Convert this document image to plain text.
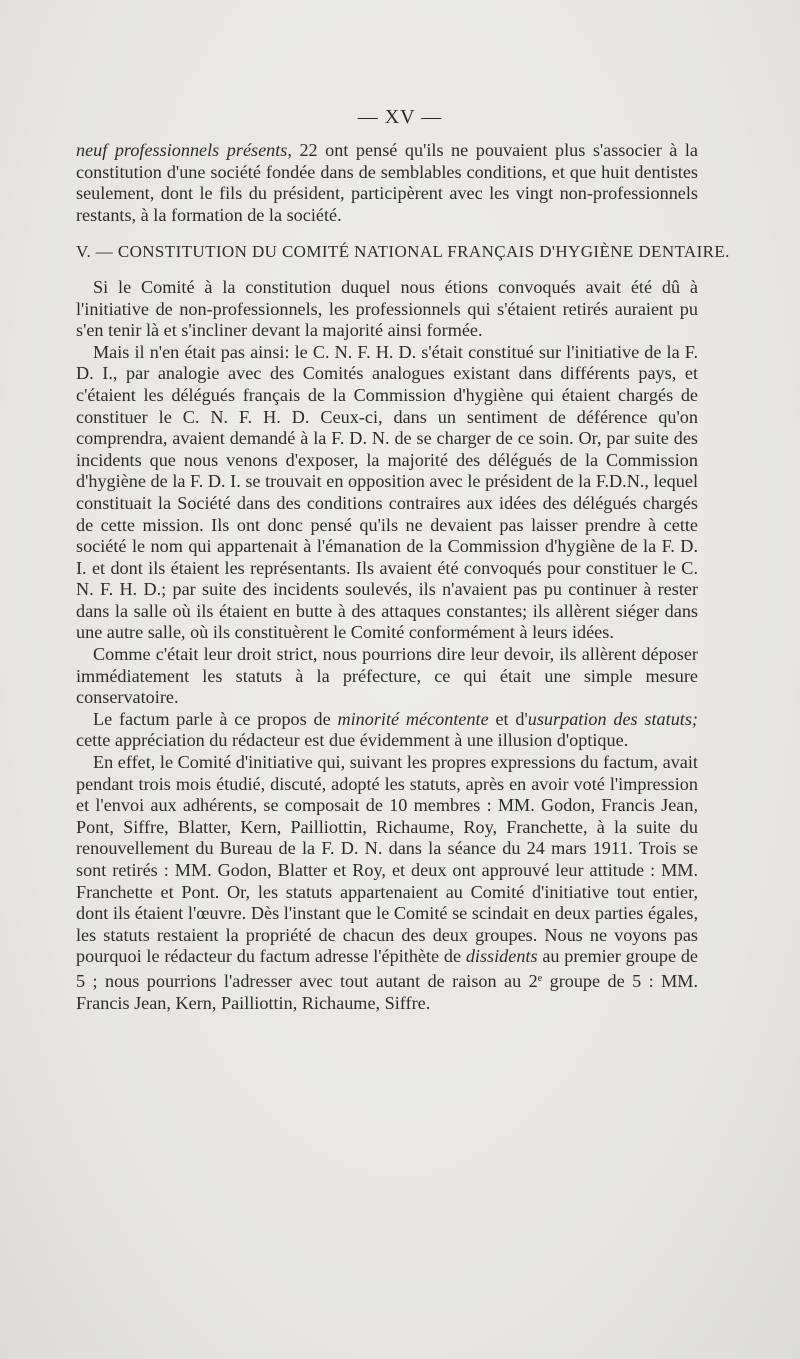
— XV —

neuf professionnels présents, 22 ont pensé qu'ils ne pouvaient plus s'associer à la constitution d'une société fondée dans de semblables conditions, et que huit dentistes seulement, dont le fils du président, participèrent avec les vingt non-professionnels restants, à la formation de la société.

V. — CONSTITUTION DU COMITÉ NATIONAL FRANÇAIS D'HYGIÈNE DENTAIRE.

Si le Comité à la constitution duquel nous étions convoqués avait été dû à l'initiative de non-professionnels, les professionnels qui s'étaient retirés auraient pu s'en tenir là et s'incliner devant la majorité ainsi formée.

Mais il n'en était pas ainsi: le C. N. F. H. D. s'était constitué sur l'initiative de la F. D. I., par analogie avec des Comités analogues existant dans différents pays, et c'étaient les délégués français de la Commission d'hygiène qui étaient chargés de constituer le C. N. F. H. D. Ceux-ci, dans un sentiment de déférence qu'on comprendra, avaient demandé à la F. D. N. de se charger de ce soin. Or, par suite des incidents que nous venons d'exposer, la majorité des délégués de la Commission d'hygiène de la F. D. I. se trouvait en opposition avec le président de la F.D.N., lequel constituait la Société dans des conditions contraires aux idées des délégués chargés de cette mission. Ils ont donc pensé qu'ils ne devaient pas laisser prendre à cette société le nom qui appartenait à l'émanation de la Commission d'hygiène de la F. D. I. et dont ils étaient les représentants. Ils avaient été convoqués pour constituer le C. N. F. H. D.; par suite des incidents soulevés, ils n'avaient pas pu continuer à rester dans la salle où ils étaient en butte à des attaques constantes; ils allèrent siéger dans une autre salle, où ils constituèrent le Comité conformément à leurs idées.

Comme c'était leur droit strict, nous pourrions dire leur devoir, ils allèrent déposer immédiatement les statuts à la préfecture, ce qui était une simple mesure conservatoire.

Le factum parle à ce propos de minorité mécontente et d'usurpation des statuts; cette appréciation du rédacteur est due évidemment à une illusion d'optique.

En effet, le Comité d'initiative qui, suivant les propres expressions du factum, avait pendant trois mois étudié, discuté, adopté les statuts, après en avoir voté l'impression et l'envoi aux adhérents, se composait de 10 membres : MM. Godon, Francis Jean, Pont, Siffre, Blatter, Kern, Pailliottin, Richaume, Roy, Franchette, à la suite du renouvellement du Bureau de la F. D. N. dans la séance du 24 mars 1911. Trois se sont retirés : MM. Godon, Blatter et Roy, et deux ont approuvé leur attitude : MM. Franchette et Pont. Or, les statuts appartenaient au Comité d'initiative tout entier, dont ils étaient l'œuvre. Dès l'instant que le Comité se scindait en deux parties égales, les statuts restaient la propriété de chacun des deux groupes. Nous ne voyons pas pourquoi le rédacteur du factum adresse l'épithète de dissidents au premier groupe de 5 ; nous pourrions l'adresser avec tout autant de raison au 2e groupe de 5 : MM. Francis Jean, Kern, Pailliottin, Richaume, Siffre.
